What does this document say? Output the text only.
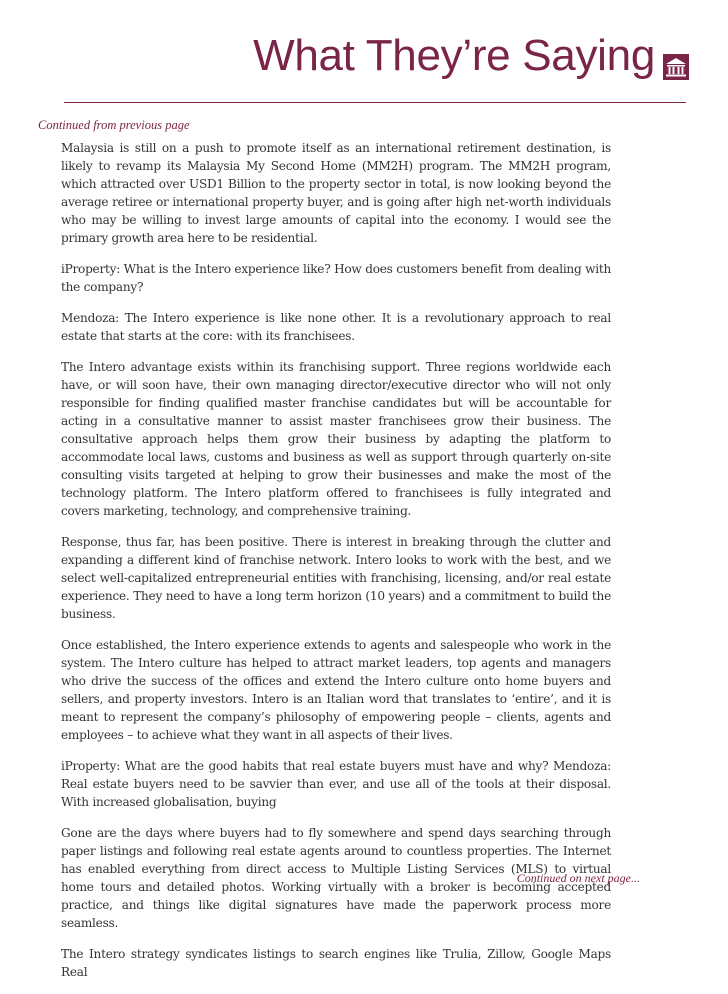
What They’re Saying
Continued from previous page

Malaysia is still on a push to promote itself as an international retirement destination, is likely to revamp its Malaysia My Second Home (MM2H) program. The MM2H program, which attracted over USD1 Billion to the property sector in total, is now looking beyond the average retiree or international property buyer, and is going after high net-worth individuals who may be willing to invest large amounts of capital into the economy. I would see the primary growth area here to be residential.

iProperty: What is the Intero experience like? How does customers benefit from dealing with the company?

Mendoza: The Intero experience is like none other. It is a revolutionary approach to real estate that starts at the core: with its franchisees.

The Intero advantage exists within its franchising support. Three regions worldwide each have, or will soon have, their own managing director/executive director who will not only responsible for finding qualified master franchise candidates but will be accountable for acting in a consultative manner to assist master franchisees grow their business. The consultative approach helps them grow their business by adapting the platform to accommodate local laws, customs and business as well as support through quarterly on-site consulting visits targeted at helping to grow their businesses and make the most of the technology platform. The Intero platform offered to franchisees is fully integrated and covers marketing, technology, and comprehensive training.

Response, thus far, has been positive. There is interest in breaking through the clutter and expanding a different kind of franchise network. Intero looks to work with the best, and we select well-capitalized entrepreneurial entities with franchising, licensing, and/or real estate experience. They need to have a long term horizon (10 years) and a commitment to build the business.

Once established, the Intero experience extends to agents and salespeople who work in the system. The Intero culture has helped to attract market leaders, top agents and managers who drive the success of the offices and extend the Intero culture onto home buyers and sellers, and property investors. Intero is an Italian word that translates to ‘entire’, and it is meant to represent the company’s philosophy of empowering people – clients, agents and employees – to achieve what they want in all aspects of their lives.

iProperty: What are the good habits that real estate buyers must have and why? Mendoza: Real estate buyers need to be savvier than ever, and use all of the tools at their disposal. With increased globalisation, buying

Gone are the days where buyers had to fly somewhere and spend days searching through paper listings and following real estate agents around to countless properties. The Internet has enabled everything from direct access to Multiple Listing Services (MLS) to virtual home tours and detailed photos. Working virtually with a broker is becoming accepted practice, and things like digital signatures have made the paperwork process more seamless.

The Intero strategy syndicates listings to search engines like Trulia, Zillow, Google Maps Real

Continued on next page...
